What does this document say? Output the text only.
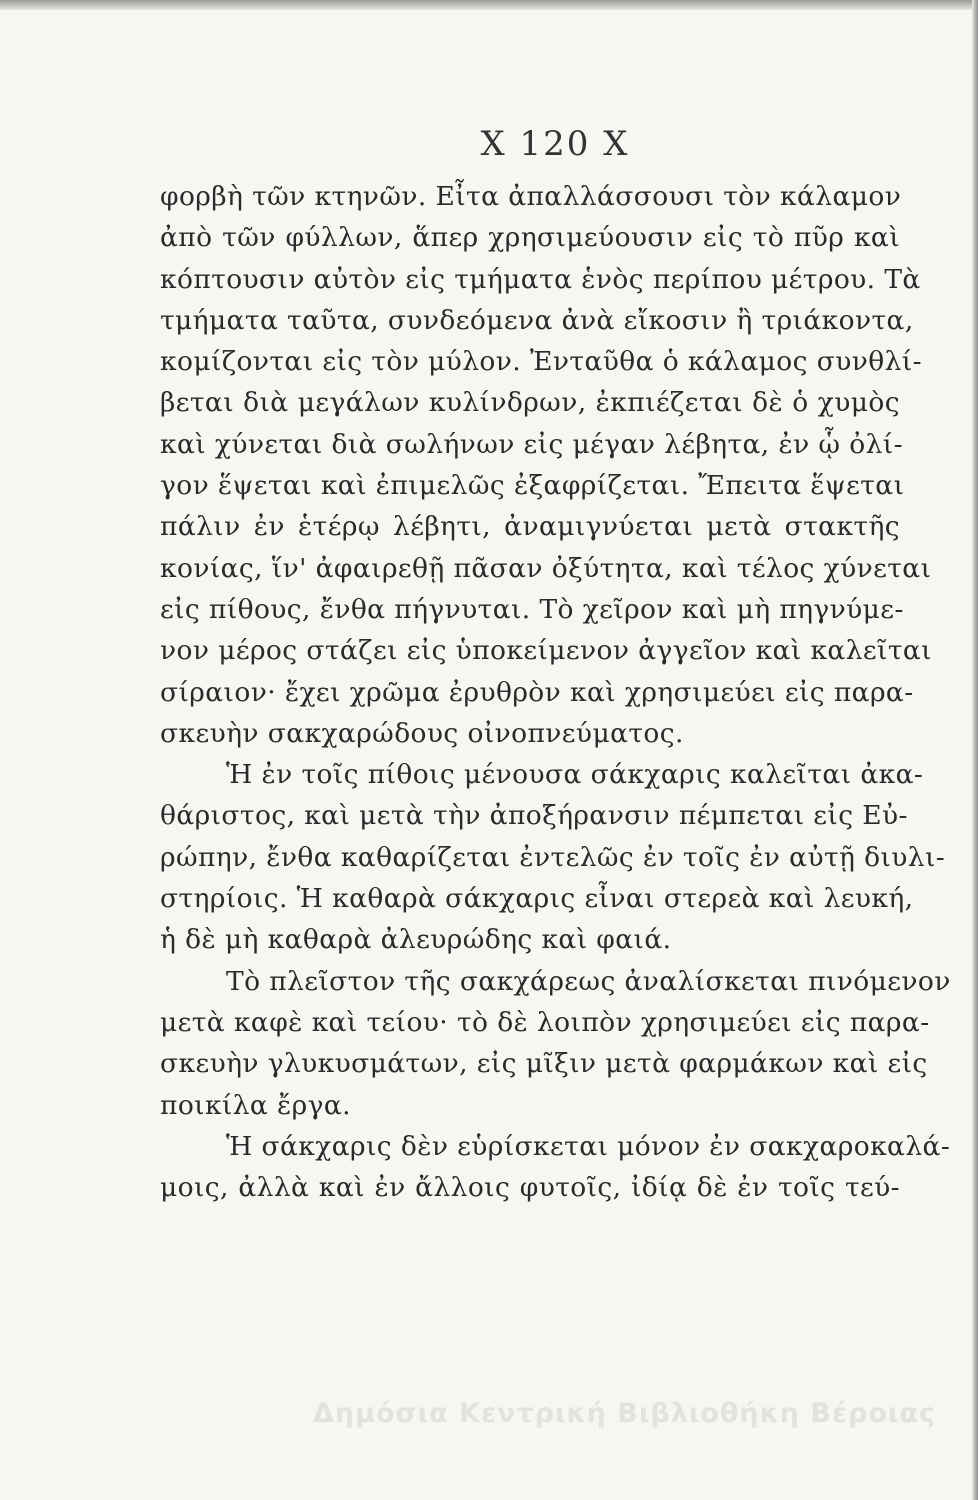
X 120 X
φορβὴ τῶν κτηνῶν. Εἶτα ἀπαλλάσσουσι τὸν κάλαμον
ἀπὸ τῶν φύλλων, ἅπερ χρησιμεύουσιν εἰς τὸ πῦρ καὶ
κόπτουσιν αὐτὸν εἰς τμήματα ἑνὸς περίπου μέτρου. Τὰ
τμήματα ταῦτα, συνδεόμενα ἀνὰ εἴκοσιν ἢ τριάκοντα,
κομίζονται εἰς τὸν μύλον. Ἐνταῦθα ὁ κάλαμος συνθλί-
βεται διὰ μεγάλων κυλίνδρων, ἐκπιέζεται δὲ ὁ χυμὸς
καὶ χύνεται διὰ σωλήνων εἰς μέγαν λέβητα, ἐν ᾧ ὀλί-
γον ἕψεται καὶ ἐπιμελῶς ἐξαφρίζεται. Ἔπειτα ἕψεται
πάλιν ἐν ἑτέρῳ λέβητι, ἀναμιγνύεται μετὰ στακτῆς
κονίας, ἵν' ἀφαιρεθῇ πᾶσαν ὀξύτητα, καὶ τέλος χύνεται
εἰς πίθους, ἔνθα πήγνυται. Τὸ χεῖρον καὶ μὴ πηγνύμε-
νον μέρος στάζει εἰς ὑποκείμενον ἀγγεῖον καὶ καλεῖται
σίραιον· ἔχει χρῶμα ἐρυθρὸν καὶ χρησιμεύει εἰς παρα-
σκευὴν σακχαρώδους οἰνοπνεύματος.
Ἡ ἐν τοῖς πίθοις μένουσα σάκχαρις καλεῖται ἀκα-
θάριστος, καὶ μετὰ τὴν ἀποξήρανσιν πέμπεται εἰς Εὐ-
ρώπην, ἔνθα καθαρίζεται ἐντελῶς ἐν τοῖς ἐν αὐτῇ διυλι-
στηρίοις. Ἡ καθαρὰ σάκχαρις εἶναι στερεὰ καὶ λευκή,
ἡ δὲ μὴ καθαρὰ ἀλευρώδης καὶ φαιά.
Τὸ πλεῖστον τῆς σακχάρεως ἀναλίσκεται πινόμενον
μετὰ καφὲ καὶ τείου· τὸ δὲ λοιπὸν χρησιμεύει εἰς παρα-
σκευὴν γλυκυσμάτων, εἰς μῖξιν μετὰ φαρμάκων καὶ εἰς
ποικίλα ἔργα.
Ἡ σάκχαρις δὲν εὑρίσκεται μόνον ἐν σακχαροκαλά-
μοις, ἀλλὰ καὶ ἐν ἄλλοις φυτοῖς, ἰδίᾳ δὲ ἐν τοῖς τεύ-
Δημόσια Κεντρική Βιβλιοθήκη Βέροιας
